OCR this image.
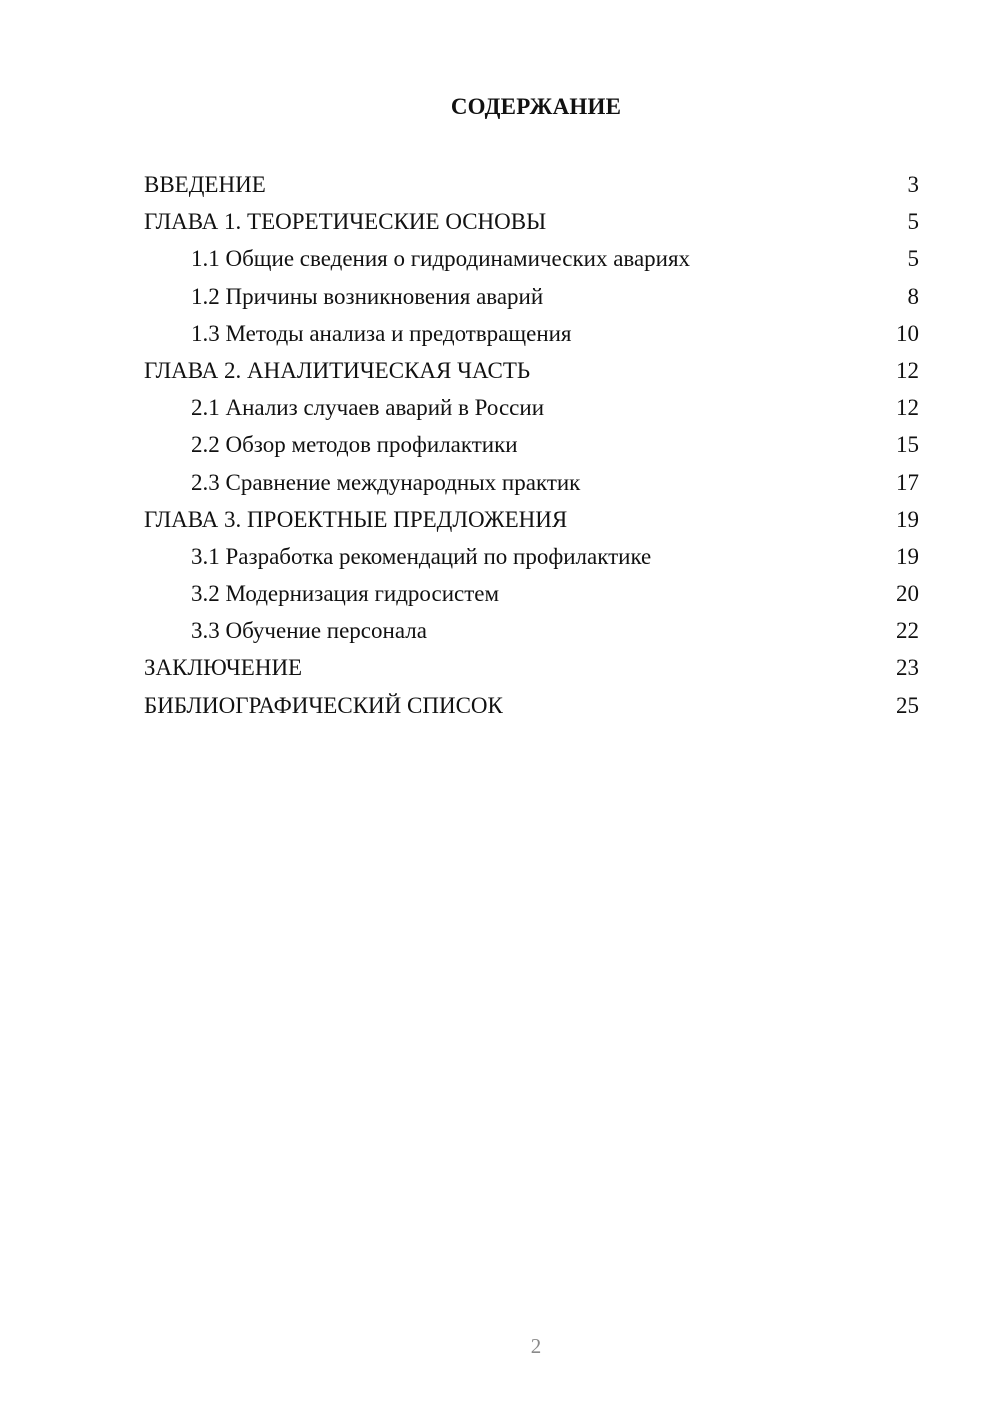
СОДЕРЖАНИЕ
ВВЕДЕНИЕ	3
ГЛАВА 1. ТЕОРЕТИЧЕСКИЕ ОСНОВЫ	5
1.1 Общие сведения о гидродинамических авариях	5
1.2 Причины возникновения аварий	8
1.3 Методы анализа и предотвращения	10
ГЛАВА 2. АНАЛИТИЧЕСКАЯ ЧАСТЬ	12
2.1 Анализ случаев аварий в России	12
2.2 Обзор методов профилактики	15
2.3 Сравнение международных практик	17
ГЛАВА 3. ПРОЕКТНЫЕ ПРЕДЛОЖЕНИЯ	19
3.1 Разработка рекомендаций по профилактике	19
3.2 Модернизация гидросистем	20
3.3 Обучение персонала	22
ЗАКЛЮЧЕНИЕ	23
БИБЛИОГРАФИЧЕСКИЙ СПИСОК	25
2
